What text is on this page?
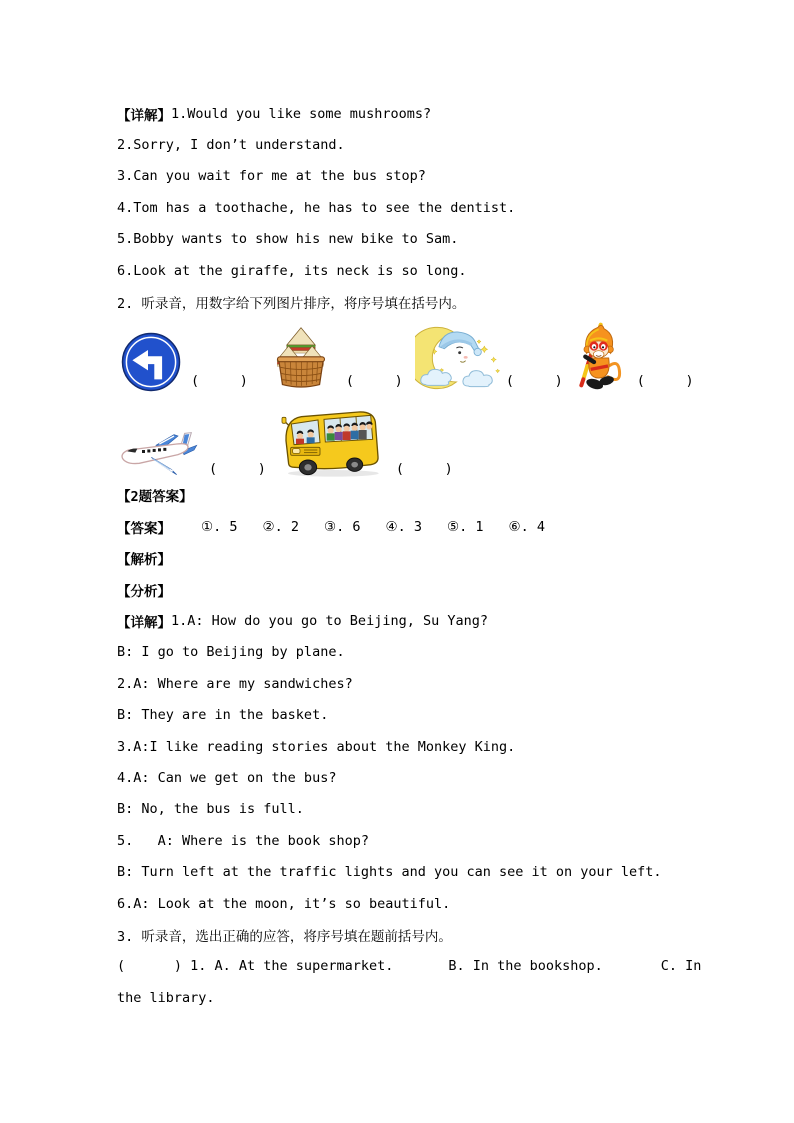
【详解】 1.Would you like some mushrooms?

2.Sorry, I don’t understand.

3.Can you wait for me at the bus stop?

4.Tom has a toothache, he has to see the dentist.

5.Bobby wants to show his new bike to Sam.

6.Look at the giraffe, its neck is so long.

2. 听录音，用数字给下列图片排序，将序号填在括号内。

(     )	(     )	(     )	(     )
(     )	(     )

【2题答案】

【答案】 ①. 5 ②. 2 ③. 6 ④. 3 ⑤. 1 ⑥. 4

【解析】

【分析】

【详解】 1.A: How do you go to Beijing, Su Yang?

B: I go to Beijing by plane.

2.A: Where are my sandwiches?

B: They are in the basket.

3.A:I like reading stories about the Monkey King.

4.A: Can we get on the bus?

B: No, the bus is full.

5.   A: Where is the book shop?

B: Turn left at the traffic lights and you can see it on your left.

6.A: Look at the moon, it’s so beautiful.

3. 听录音，选出正确的应答，将序号填在题前括号内。

(      ) 1. A. At the supermarket.	B. In the bookshop.	C. In

the library.
